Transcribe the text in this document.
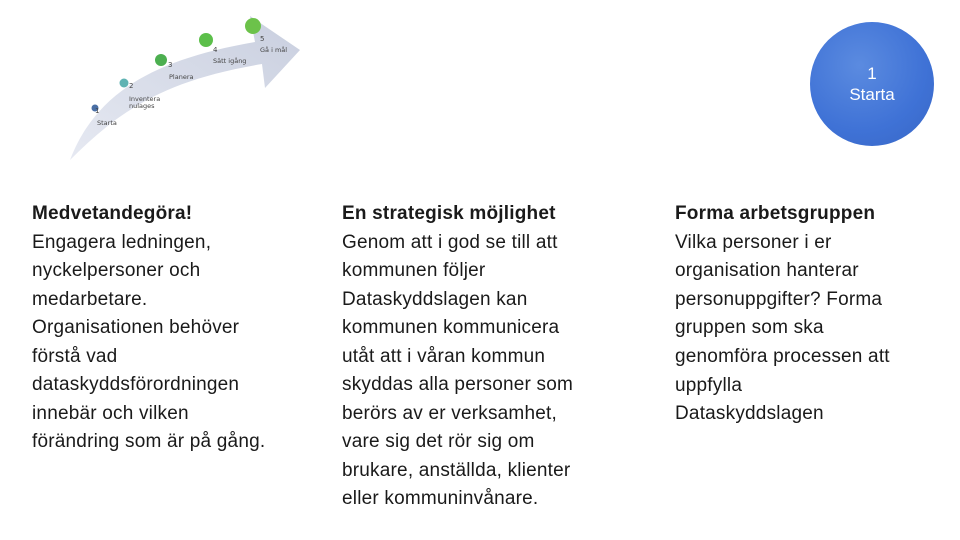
1
Starta
2
Inventera nulages
3
Planera
4
Sätt igång
5
Gå i mål
1
Starta
Medvetandegöra!
Engagera ledningen,
nyckelpersoner och
medarbetare.
Organisationen behöver
förstå vad
dataskyddsförordningen
innebär och vilken
förändring som är på gång.
En strategisk möjlighet
Genom att i god se till att
kommunen följer
Dataskyddslagen kan
kommunen kommunicera
utåt att i våran kommun
skyddas alla personer som
berörs av er verksamhet,
vare sig det rör sig om
brukare, anställda, klienter
eller kommuninvånare.
Forma arbetsgruppen
Vilka personer i er
organisation hanterar
personuppgifter? Forma
gruppen som ska
genomföra processen att
uppfylla
Dataskyddslagen
